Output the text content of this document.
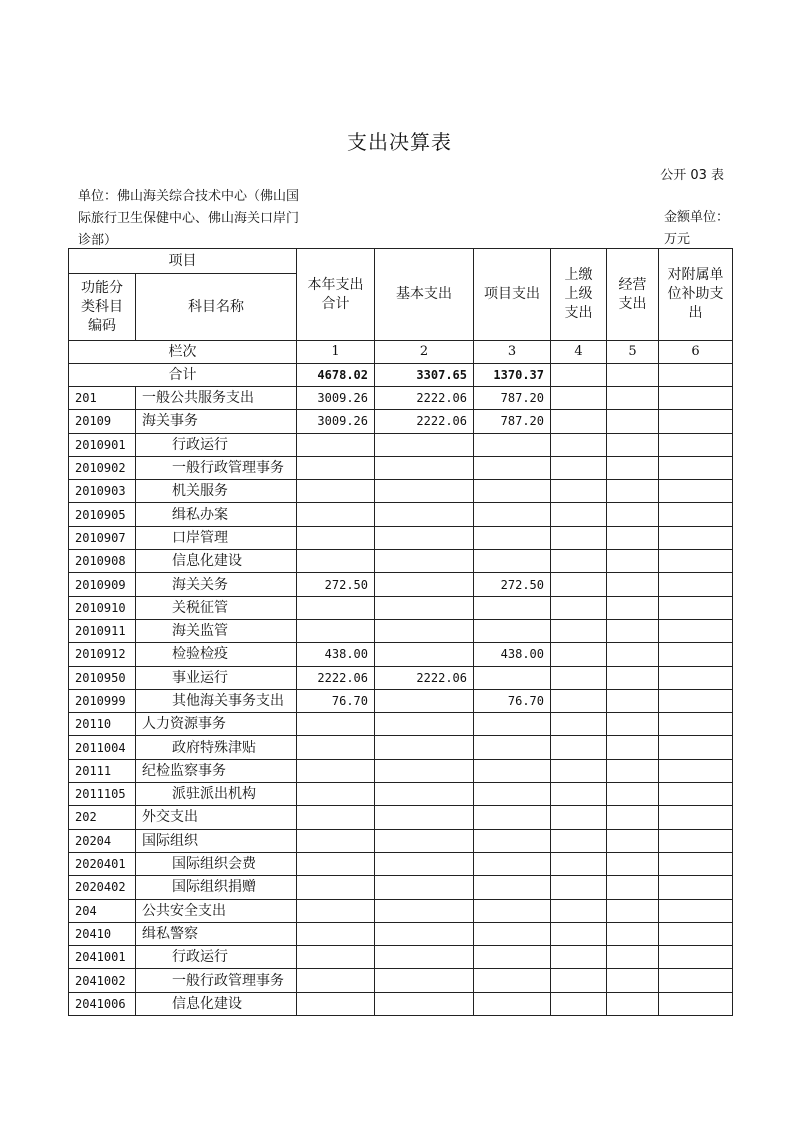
支出决算表
公开 03 表
单位：佛山海关综合技术中心（佛山国际旅行卫生保健中心、佛山海关口岸门诊部）
金额单位：万元
项目		本年支出合计	基本支出	项目支出	上缴上级支出	经营支出	对附属单位补助支出
功能分类科目编码	科目名称						
栏次		1	2	3	4	5	6
合计		4678.02	3307.65	1370.37			
201	一般公共服务支出	3009.26	2222.06	787.20			
20109	海关事务	3009.26	2222.06	787.20			
2010901	行政运行						
2010902	一般行政管理事务						
2010903	机关服务						
2010905	缉私办案						
2010907	口岸管理						
2010908	信息化建设						
2010909	海关关务	272.50		272.50			
2010910	关税征管						
2010911	海关监管						
2010912	检验检疫	438.00		438.00			
2010950	事业运行	2222.06	2222.06				
2010999	其他海关事务支出	76.70		76.70			
20110	人力资源事务						
2011004	政府特殊津贴						
20111	纪检监察事务						
2011105	派驻派出机构						
202	外交支出						
20204	国际组织						
2020401	国际组织会费						
2020402	国际组织捐赠						
204	公共安全支出						
20410	缉私警察						
2041001	行政运行						
2041002	一般行政管理事务						
2041006	信息化建设						
